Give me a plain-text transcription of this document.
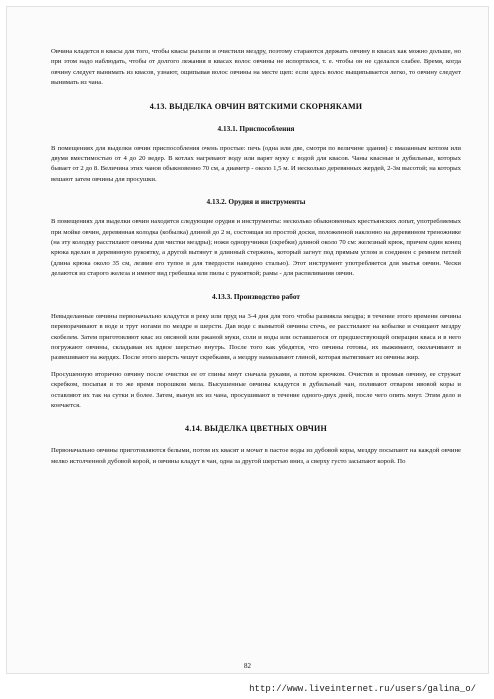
Овчина кладется в квасы для того, чтобы квасы рыхели и очистили мездру, поэтому стараются держать овчину в квасах как можно дольше, но при этом надо наблюдать, чтобы от долгого лежания в квасах волос овчины не испортился, т. е. чтобы он не сделался слабее. Время, когда овчину следует вынимать из квасов, узнают, ощипывая волос овчины на месте щеп: если здесь волос выщипывается легко, то овчину следует вынимать из чана.

4.13. ВЫДЕЛКА ОВЧИН ВЯТСКИМИ СКОРНЯКАМИ
4.13.1. Приспособления

В помещениях для выделки овчин приспособления очень простые: печь (одна или две, смотря по величине здания) с вмазанным котлом или двумя вместимостью от 4 до 20 ведер. В котлах нагревают воду или варят муку с водой для квасов. Чаны квасные и дубильные, которых бывает от 2 до 8. Величина этих чанов обыкновенно 70 см, а диаметр - около 1,5 м. И несколько деревянных жердей, 2-3м высотой; на которых вешают затем овчины для просушки.

4.13.2. Орудия и инструменты

В помещениях для выделки овчин находятся следующие орудия и инструменты: несколько обыкновенных крестьянских лопат, употребляемых при мойке овчин, деревянная колодка (кобылка) длиной до 2 м, состоящая из простой доски, положенной наклонно на деревянном треножнике (на эту колодку расстилают овчины для чистки мездры); ножи одноручники (скребки) длиной около 70 см: железный крюк, причем один конец крюка вделан в деревянную рукоятку, а другой вытянут в длинный стержень, который загнут под прямым углом и соединен с ремнем петлей (длина крюка около 35 см, лезвие его тупое и для твердости наведено сталью). Этот инструмент употребляется для мытья овчин. Чески делаются из старого железа и имеют вид гребешка или пилы с рукояткой; рамы - для распяливания овчин.

4.13.3. Производство работ

Невыделанные овчины первоначально кладутся в реку или пруд на 3-4 дня для того чтобы размякла мездра; в течение этого времени овчины переворачивают в воде и трут ногами по мездре и шерсти. Дав воде с вымытой овчины стечь, ее расстилают на кобылке и счищают мездру скобелем. Затем приготовляют квас из овсяной или ржаной муки, соли и воды или оставшегося от предшествующей операции кваса и в него погружают овчины, складывая их вдвое шерстью внутрь. После того как убедятся, что овчины готовы, их выжимают, околачивают и развешивают на жердях. После этого шерсть чешут скребками, а мездру намазывают глиной, которая вытягивает из овчины жир.

Просушенную вторично овчину после очистки ее от глины мнут сначала руками, а потом крючком. Очистив и промыв овчину, ее стружат скребком, посыпая в то же время порошком мела. Высушенные овчины кладутся в дубильный чан, поливают отваром ивовой коры и оставляют их так на сутки и более. Затем, вынув их из чана, просушивают в течение одного-двух дней, после чего опять мнут. Этим дело и кончается.

4.14. ВЫДЕЛКА ЦВЕТНЫХ ОВЧИН

Первоначально овчины приготовляются белыми, потом их квасят и мочат в пастое воды из дубовой коры, мездру посыпают на каждой овчине мелко истолченной дубовой корой, и овчины кладут в чан, одна за другой шерстью вниз, а сверху густо засыпают корой. По

82
http://www.liveinternet.ru/users/galina_o/
